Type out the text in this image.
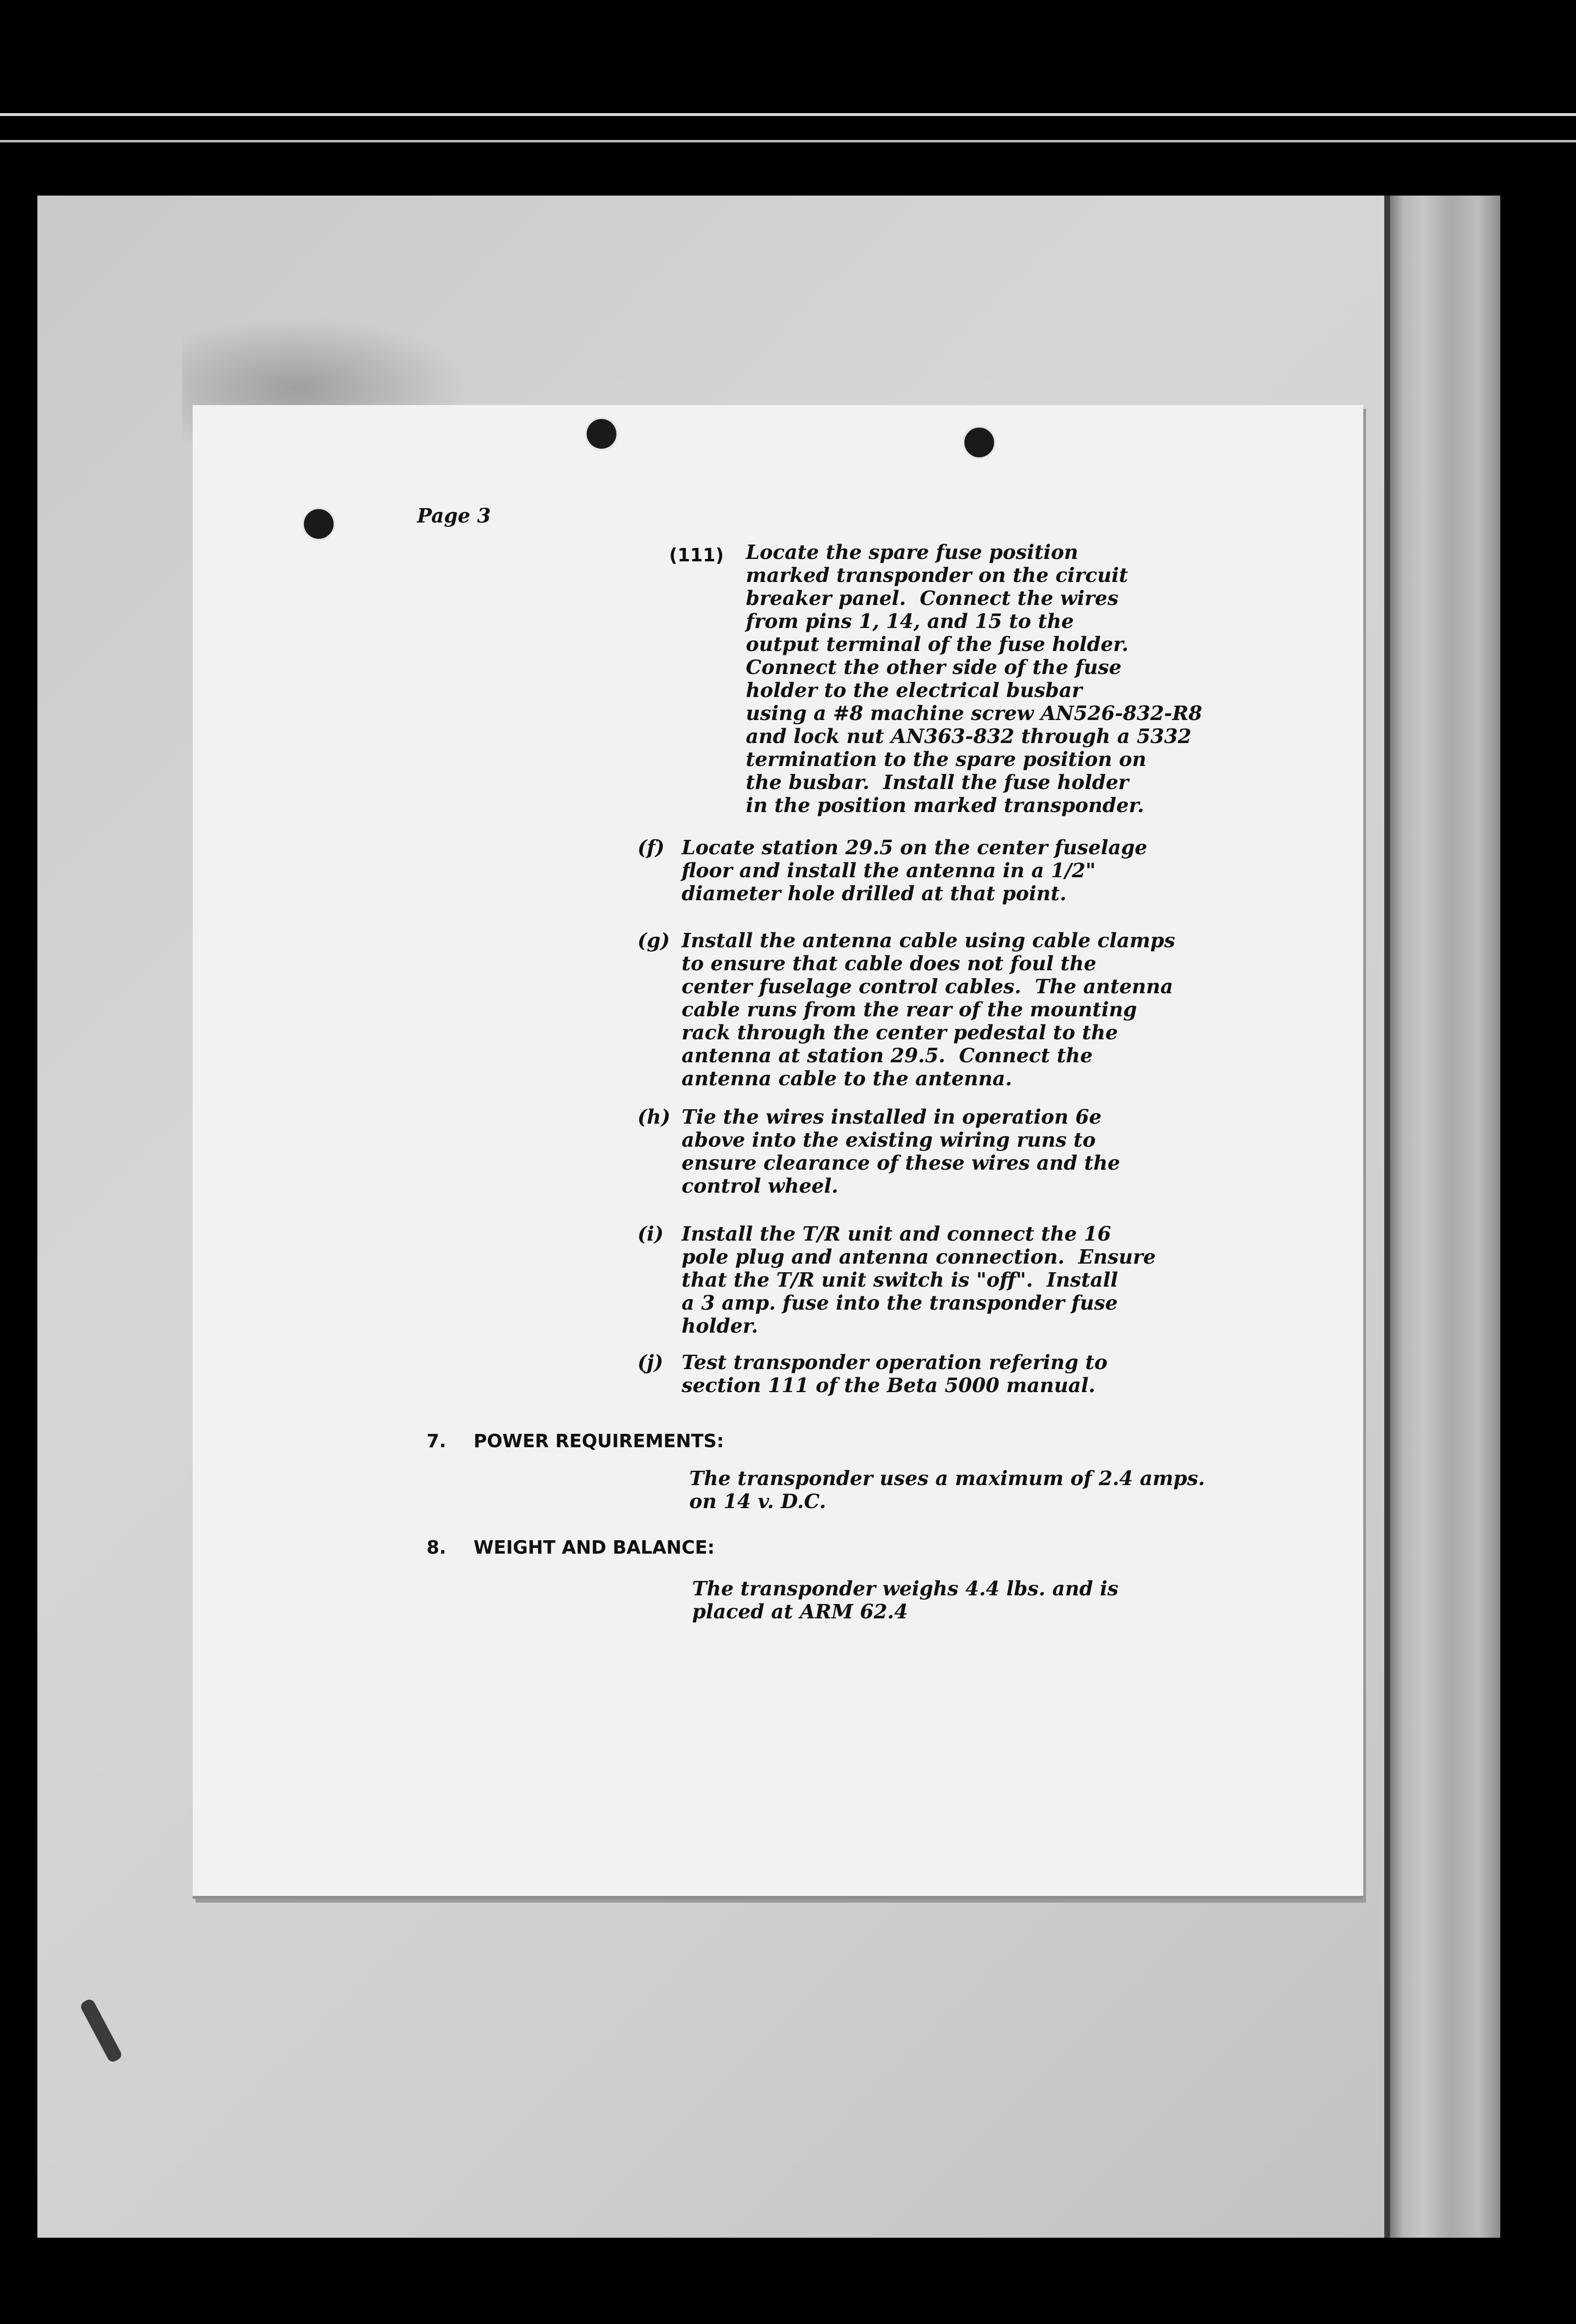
Page 3
(111) Locate the spare fuse position
marked transponder on the circuit
breaker panel.  Connect the wires
from pins 1, 14, and 15 to the
output terminal of the fuse holder.
Connect the other side of the fuse
holder to the electrical busbar
using a #8 machine screw AN526-832-R8
and lock nut AN363-832 through a 5332
termination to the spare position on
the busbar.  Install the fuse holder
in the position marked transponder.
(f) Locate station 29.5 on the center fuselage
floor and install the antenna in a 1/2"
diameter hole drilled at that point.
(g) Install the antenna cable using cable clamps
to ensure that cable does not foul the
center fuselage control cables.  The antenna
cable runs from the rear of the mounting
rack through the center pedestal to the
antenna at station 29.5.  Connect the
antenna cable to the antenna.
(h) Tie the wires installed in operation 6e
above into the existing wiring runs to
ensure clearance of these wires and the
control wheel.
(i) Install the T/R unit and connect the 16
pole plug and antenna connection.  Ensure
that the T/R unit switch is "off".  Install
a 3 amp. fuse into the transponder fuse
holder.
(j) Test transponder operation refering to
section 111 of the Beta 5000 manual.
7. POWER REQUIREMENTS:
The transponder uses a maximum of 2.4 amps.
on 14 v. D.C.
8. WEIGHT AND BALANCE:
The transponder weighs 4.4 lbs. and is
placed at ARM 62.4
